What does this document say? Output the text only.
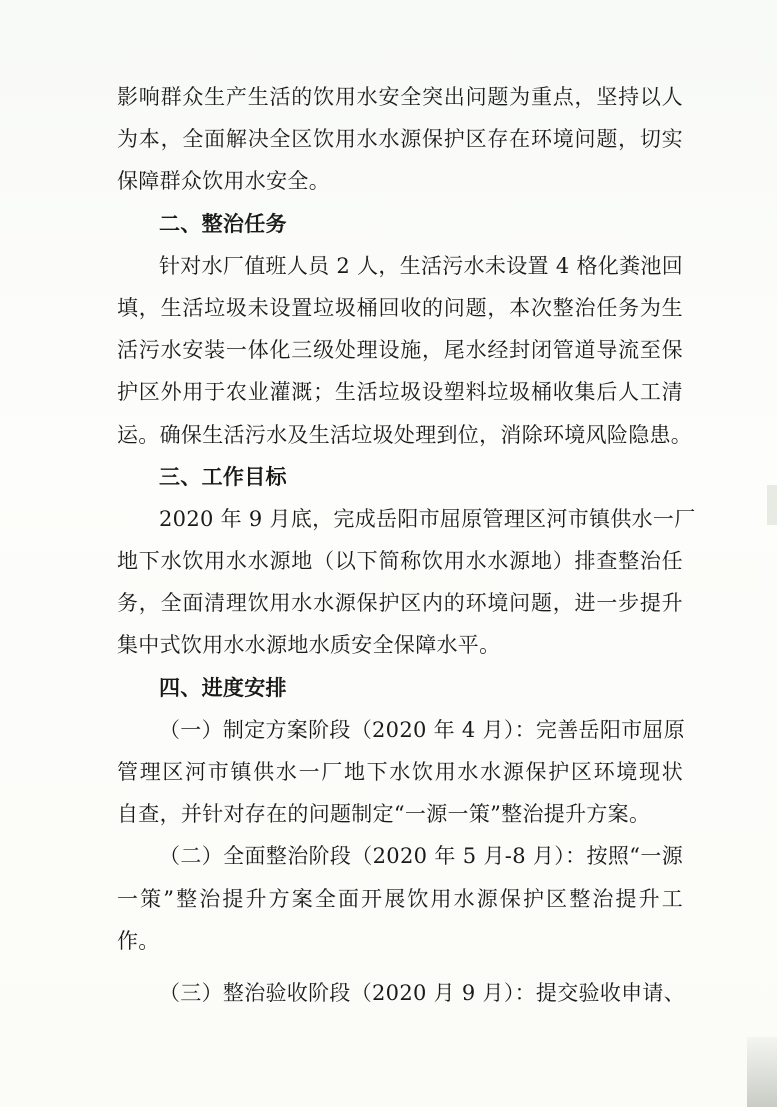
影响群众生产生活的饮用水安全突出问题为重点，坚持以人
为本，全面解决全区饮用水水源保护区存在环境问题，切实
保障群众饮用水安全。
二、整治任务
针对水厂值班人员 2 人，生活污水未设置 4 格化粪池回
填，生活垃圾未设置垃圾桶回收的问题，本次整治任务为生
活污水安装一体化三级处理设施，尾水经封闭管道导流至保
护区外用于农业灌溉；生活垃圾设塑料垃圾桶收集后人工清
运。确保生活污水及生活垃圾处理到位，消除环境风险隐患。
三、工作目标
2020 年 9 月底，完成岳阳市屈原管理区河市镇供水一厂
地下水饮用水水源地（以下简称饮用水水源地）排查整治任
务，全面清理饮用水水源保护区内的环境问题，进一步提升
集中式饮用水水源地水质安全保障水平。
四、进度安排
（一）制定方案阶段（2020 年 4 月）：完善岳阳市屈原
管理区河市镇供水一厂地下水饮用水水源保护区环境现状
自查，并针对存在的问题制定“一源一策”整治提升方案。
（二）全面整治阶段（2020 年 5 月-8 月）：按照“一源
一策”整治提升方案全面开展饮用水源保护区整治提升工
作。
（三）整治验收阶段（2020 月 9 月）：提交验收申请、
